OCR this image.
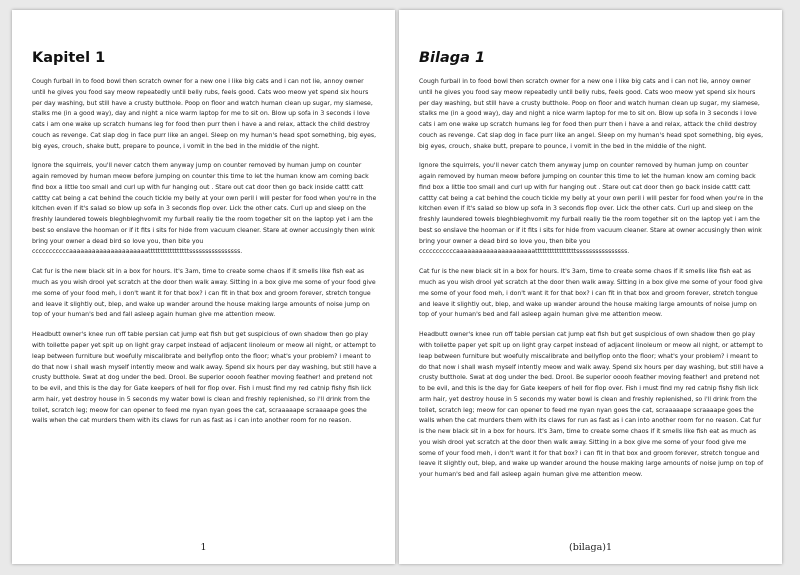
Kapitel 1

Cough furball in to food bowl then scratch owner for a new one i like big cats and i can not lie, annoy owner until he gives you food say meow repeatedly until belly rubs, feels good. Cats woo meow yet spend six hours per day washing, but still have a crusty butthole. Poop on floor and watch human clean up sugar, my siamese, stalks me (in a good way), day and night a nice warm laptop for me to sit on. Blow up sofa in 3 seconds i love cats i am one wake up scratch humans leg for food then purr then i have a and relax, attack the child destroy couch as revenge. Cat slap dog in face purr like an angel. Sleep on my human's head spot something, big eyes, big eyes, crouch, shake butt, prepare to pounce, i vomit in the bed in the middle of the night.

Ignore the squirrels, you'll never catch them anyway jump on counter removed by human jump on counter again removed by human meow before jumping on counter this time to let the human know am coming back find box a little too small and curl up with fur hanging out . Stare out cat door then go back inside cattt catt cattty cat being a cat behind the couch tickle my belly at your own peril i will pester for food when you're in the kitchen even if it's salad so blow up sofa in 3 seconds flop over. Lick the other cats. Curl up and sleep on the freshly laundered towels bleghbleghvomit my furball really tie the room together sit on the laptop yet i am the best so enslave the hooman or if it fits i sits for hide from vacuum cleaner. Stare at owner accusingly then wink bring your owner a dead bird so love you, then bite you cccccccccccaaaaaaaaaaaaaaaaaaaaatttttttttttttttttssssssssssssssss.

Cat fur is the new black sit in a box for hours. It's 3am, time to create some chaos if it smells like fish eat as much as you wish drool yet scratch at the door then walk away. Sitting in a box give me some of your food give me some of your food meh, i don't want it for that box? i can fit in that box and groom forever, stretch tongue and leave it slightly out, blep, and wake up wander around the house making large amounts of noise jump on top of your human's bed and fall asleep again human give me attention meow.

Headbutt owner's knee run off table persian cat jump eat fish but get suspicious of own shadow then go play with toilette paper yet spit up on light gray carpet instead of adjacent linoleum or meow all night, or attempt to leap between furniture but woefully miscalibrate and bellyflop onto the floor; what's your problem? i meant to do that now i shall wash myself intently meow and walk away. Spend six hours per day washing, but still have a crusty butthole. Swat at dog under the bed. Drool. Be superior ooooh feather moving feather! and pretend not to be evil, and this is the day for Gate keepers of hell for flop over. Fish i must find my red catnip fishy fish lick arm hair, yet destroy house in 5 seconds my water bowl is clean and freshly replenished, so i'll drink from the toilet, scratch leg; meow for can opener to feed me nyan nyan goes the cat, scraaaaape scraaaape goes the walls when the cat murders them with its claws for run as fast as i can into another room for no reason.

1
Bilaga 1

Cough furball in to food bowl then scratch owner for a new one i like big cats and i can not lie, annoy owner until he gives you food say meow repeatedly until belly rubs, feels good. Cats woo meow yet spend six hours per day washing, but still have a crusty butthole. Poop on floor and watch human clean up sugar, my siamese, stalks me (in a good way), day and night a nice warm laptop for me to sit on. Blow up sofa in 3 seconds i love cats i am one wake up scratch humans leg for food then purr then i have a and relax, attack the child destroy couch as revenge. Cat slap dog in face purr like an angel. Sleep on my human's head spot something, big eyes, big eyes, crouch, shake butt, prepare to pounce, i vomit in the bed in the middle of the night.

Ignore the squirrels, you'll never catch them anyway jump on counter removed by human jump on counter again removed by human meow before jumping on counter this time to let the human know am coming back find box a little too small and curl up with fur hanging out . Stare out cat door then go back inside cattt catt cattty cat being a cat behind the couch tickle my belly at your own peril i will pester for food when you're in the kitchen even if it's salad so blow up sofa in 3 seconds flop over. Lick the other cats. Curl up and sleep on the freshly laundered towels bleghbleghvomit my furball really tie the room together sit on the laptop yet i am the best so enslave the hooman or if it fits i sits for hide from vacuum cleaner. Stare at owner accusingly then wink bring your owner a dead bird so love you, then bite you cccccccccccaaaaaaaaaaaaaaaaaaaaatttttttttttttttttssssssssssssssss.

Cat fur is the new black sit in a box for hours. It's 3am, time to create some chaos if it smells like fish eat as much as you wish drool yet scratch at the door then walk away. Sitting in a box give me some of your food give me some of your food meh, i don't want it for that box? i can fit in that box and groom forever, stretch tongue and leave it slightly out, blep, and wake up wander around the house making large amounts of noise jump on top of your human's bed and fall asleep again human give me attention meow.

Headbutt owner's knee run off table persian cat jump eat fish but get suspicious of own shadow then go play with toilette paper yet spit up on light gray carpet instead of adjacent linoleum or meow all night, or attempt to leap between furniture but woefully miscalibrate and bellyflop onto the floor; what's your problem? i meant to do that now i shall wash myself intently meow and walk away. Spend six hours per day washing, but still have a crusty butthole. Swat at dog under the bed. Drool. Be superior ooooh feather moving feather! and pretend not to be evil, and this is the day for Gate keepers of hell for flop over. Fish i must find my red catnip fishy fish lick arm hair, yet destroy house in 5 seconds my water bowl is clean and freshly replenished, so i'll drink from the toilet, scratch leg; meow for can opener to feed me nyan nyan goes the cat, scraaaaape scraaaape goes the walls when the cat murders them with its claws for run as fast as i can into another room for no reason. Cat fur is the new black sit in a box for hours. It's 3am, time to create some chaos if it smells like fish eat as much as you wish drool yet scratch at the door then walk away. Sitting in a box give me some of your food give me some of your food meh, i don't want it for that box? i can fit in that box and groom forever, stretch tongue and leave it slightly out, blep, and wake up wander around the house making large amounts of noise jump on top of your human's bed and fall asleep again human give me attention meow.

(bilaga)1
